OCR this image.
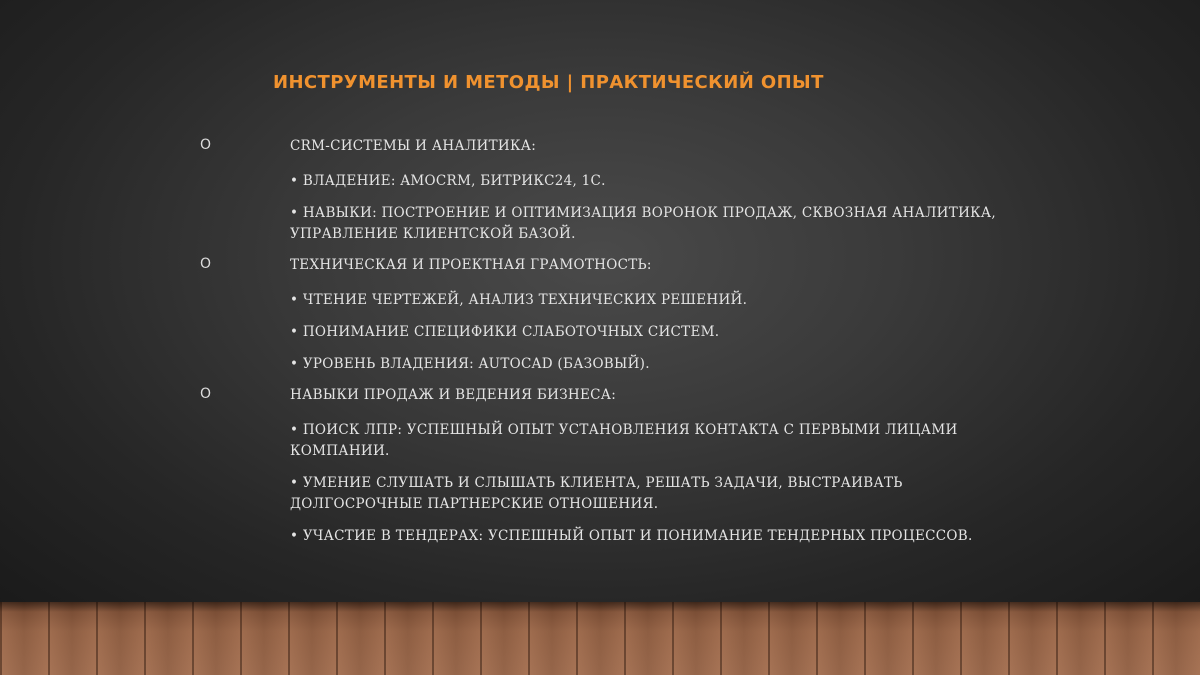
ИНСТРУМЕНТЫ И МЕТОДЫ | ПРАКТИЧЕСКИЙ ОПЫТ
O	CRM-СИСТЕМЫ И АНАЛИТИКА:
• ВЛАДЕНИЕ: AMOCRM, БИТРИКС24, 1С.
• НАВЫКИ: ПОСТРОЕНИЕ И ОПТИМИЗАЦИЯ ВОРОНОК ПРОДАЖ, СКВОЗНАЯ АНАЛИТИКА, УПРАВЛЕНИЕ КЛИЕНТСКОЙ БАЗОЙ.
O	ТЕХНИЧЕСКАЯ И ПРОЕКТНАЯ ГРАМОТНОСТЬ:
• ЧТЕНИЕ ЧЕРТЕЖЕЙ, АНАЛИЗ ТЕХНИЧЕСКИХ РЕШЕНИЙ.
• ПОНИМАНИЕ СПЕЦИФИКИ СЛАБОТОЧНЫХ СИСТЕМ.
• УРОВЕНЬ ВЛАДЕНИЯ: AUTOCAD (БАЗОВЫЙ).
O	НАВЫКИ ПРОДАЖ И ВЕДЕНИЯ БИЗНЕСА:
• ПОИСК ЛПР: УСПЕШНЫЙ ОПЫТ УСТАНОВЛЕНИЯ КОНТАКТА С ПЕРВЫМИ ЛИЦАМИ КОМПАНИИ.
• УМЕНИЕ СЛУШАТЬ И СЛЫШАТЬ КЛИЕНТА, РЕШАТЬ ЗАДАЧИ, ВЫСТРАИВАТЬ ДОЛГОСРОЧНЫЕ ПАРТНЕРСКИЕ ОТНОШЕНИЯ.
• УЧАСТИЕ В ТЕНДЕРАХ: УСПЕШНЫЙ ОПЫТ И ПОНИМАНИЕ ТЕНДЕРНЫХ ПРОЦЕССОВ.
